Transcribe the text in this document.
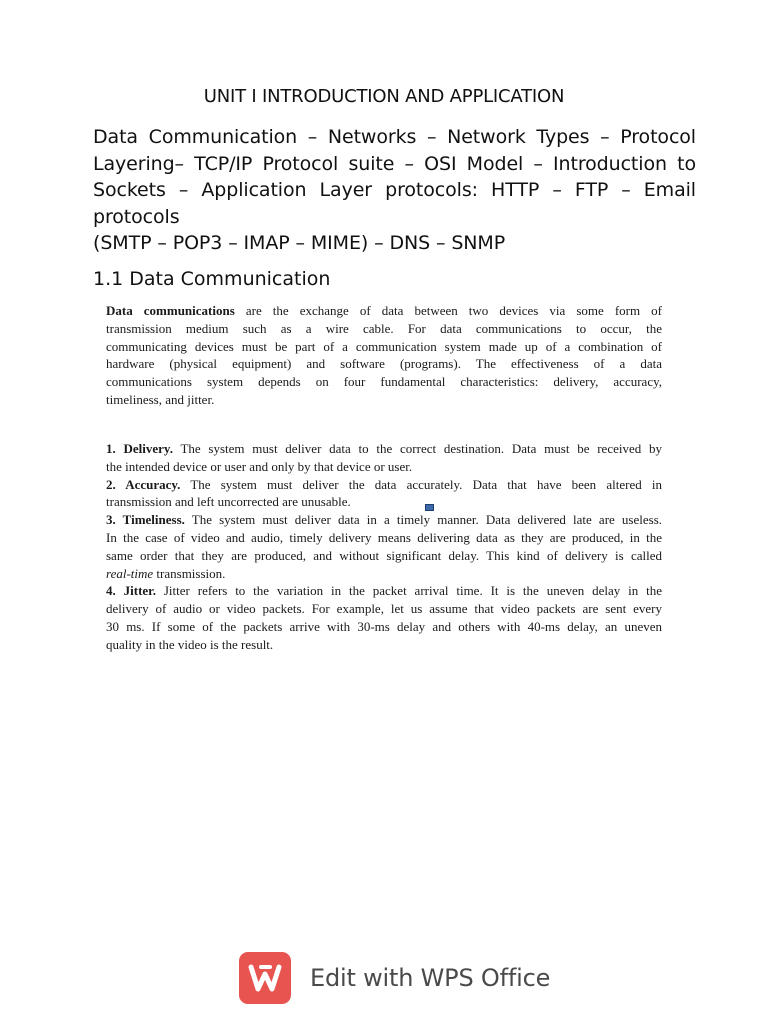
UNIT I INTRODUCTION AND APPLICATION
Data Communication – Networks – Network Types – Protocol
Layering– TCP/IP Protocol suite – OSI Model – Introduction to
Sockets – Application Layer protocols: HTTP – FTP – Email
protocols
(SMTP – POP3 – IMAP – MIME) – DNS – SNMP
1.1 Data Communication
Data communications are the exchange of data between two devices via some form of
transmission medium such as a wire cable. For data communications to occur, the
communicating devices must be part of a communication system made up of a combination of
hardware (physical equipment) and software (programs). The effectiveness of a data
communications system depends on four fundamental characteristics: delivery, accuracy,
timeliness, and jitter.
1. Delivery. The system must deliver data to the correct destination. Data must be received by
the intended device or user and only by that device or user.
2. Accuracy. The system must deliver the data accurately. Data that have been altered in
transmission and left uncorrected are unusable.
3. Timeliness. The system must deliver data in a timely manner. Data delivered late are useless.
In the case of video and audio, timely delivery means delivering data as they are produced, in the
same order that they are produced, and without significant delay. This kind of delivery is called
real-time transmission.
4. Jitter. Jitter refers to the variation in the packet arrival time. It is the uneven delay in the
delivery of audio or video packets. For example, let us assume that video packets are sent every
30 ms. If some of the packets arrive with 30-ms delay and others with 40-ms delay, an uneven
quality in the video is the result.
Edit with WPS Office
